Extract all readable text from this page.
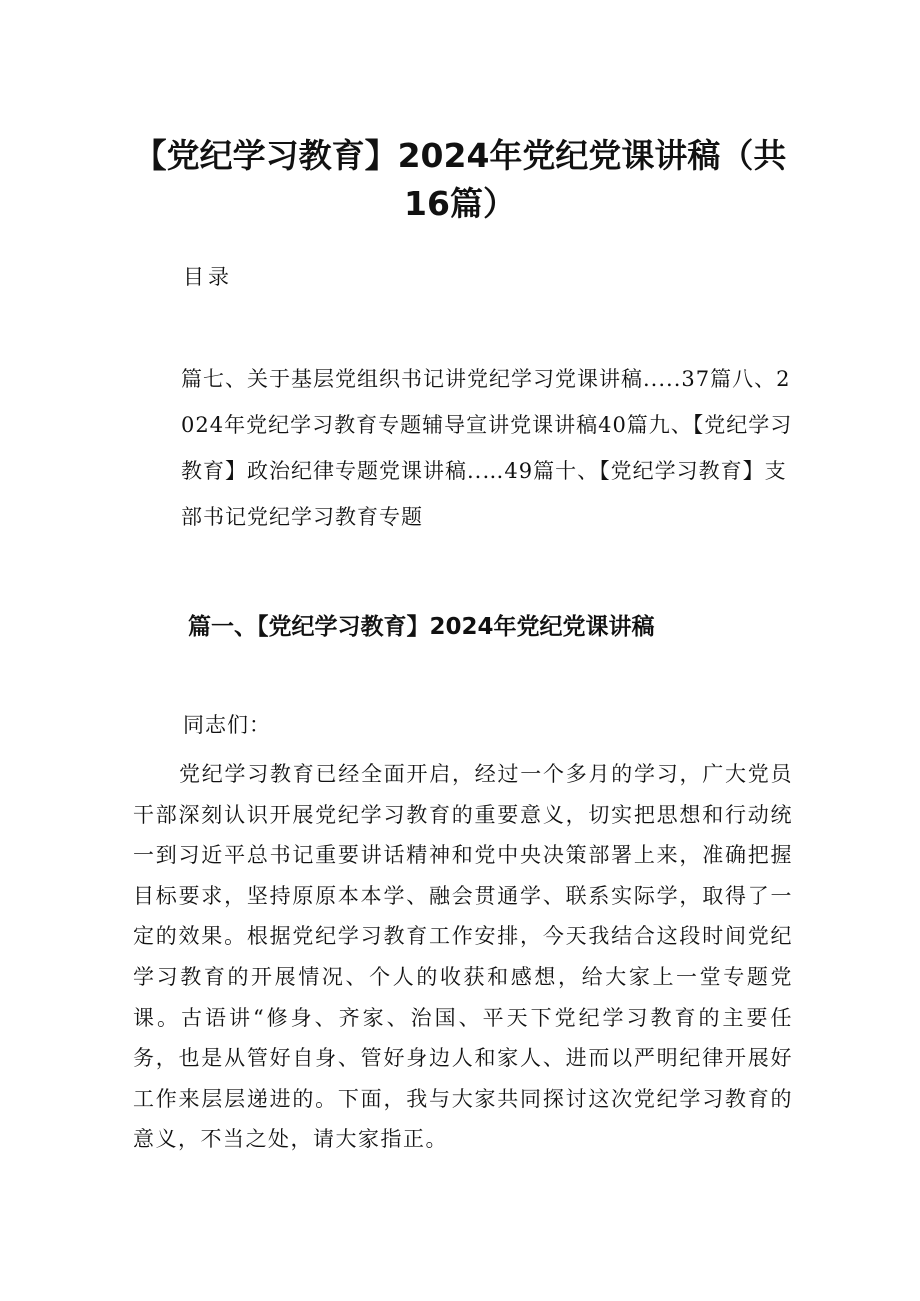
【党纪学习教育】2024年党纪党课讲稿（共16篇）

目录

篇七、关于基层党组织书记讲党纪学习党课讲稿.....37篇八、2024年党纪学习教育专题辅导宣讲党课讲稿40篇九、【党纪学习教育】政治纪律专题党课讲稿..…49篇十、【党纪学习教育】支部书记党纪学习教育专题

篇一、【党纪学习教育】2024年党纪党课讲稿

同志们：

党纪学习教育已经全面开启，经过一个多月的学习，广大党员干部深刻认识开展党纪学习教育的重要意义，切实把思想和行动统一到习近平总书记重要讲话精神和党中央决策部署上来，准确把握目标要求，坚持原原本本学、融会贯通学、联系实际学，取得了一定的效果。根据党纪学习教育工作安排，今天我结合这段时间党纪学习教育的开展情况、个人的收获和感想，给大家上一堂专题党课。古语讲“修身、齐家、治国、平天下党纪学习教育的主要任务，也是从管好自身、管好身边人和家人、进而以严明纪律开展好工作来层层递进的。下面，我与大家共同探讨这次党纪学习教育的意义，不当之处，请大家指正。
